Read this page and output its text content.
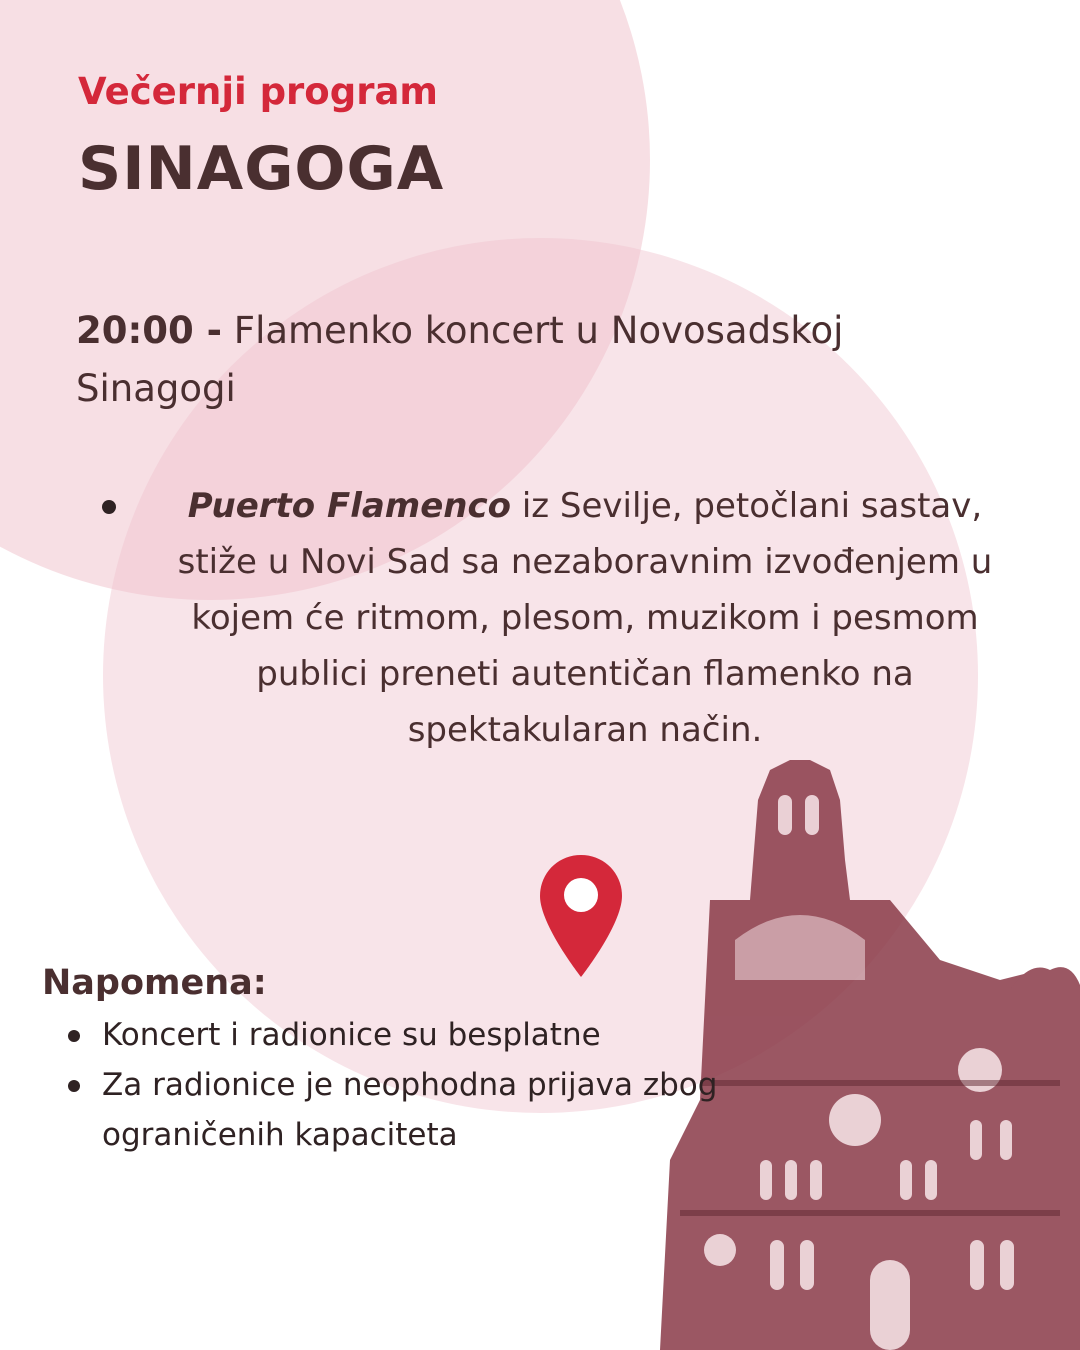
Večernji program
SINAGOGA
20:00 - Flamenko koncert u Novosadskoj Sinagogi
Puerto Flamenco iz Sevilje, petočlani sastav, stiže u Novi Sad sa nezaboravnim izvođenjem u kojem će ritmom, plesom, muzikom i pesmom publici preneti autentičan flamenko na spektakularan način.
Napomena:
Koncert i radionice su besplatne
Za radionice je neophodna prijava zbog ograničenih kapaciteta
